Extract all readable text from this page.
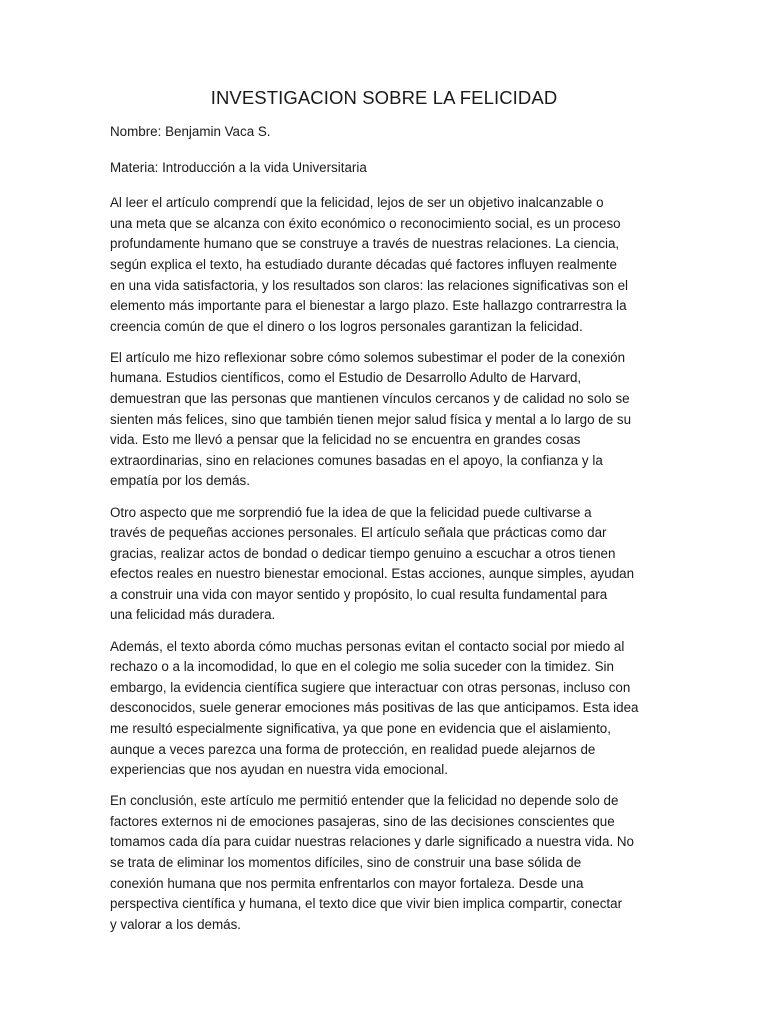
INVESTIGACION SOBRE LA FELICIDAD

Nombre: Benjamin Vaca S.

Materia: Introducción a la vida Universitaria

Al leer el artículo comprendí que la felicidad, lejos de ser un objetivo inalcanzable o
una meta que se alcanza con éxito económico o reconocimiento social, es un proceso
profundamente humano que se construye a través de nuestras relaciones. La ciencia,
según explica el texto, ha estudiado durante décadas qué factores influyen realmente
en una vida satisfactoria, y los resultados son claros: las relaciones significativas son el
elemento más importante para el bienestar a largo plazo. Este hallazgo contrarrestra la
creencia común de que el dinero o los logros personales garantizan la felicidad.

El artículo me hizo reflexionar sobre cómo solemos subestimar el poder de la conexión
humana. Estudios científicos, como el Estudio de Desarrollo Adulto de Harvard,
demuestran que las personas que mantienen vínculos cercanos y de calidad no solo se
sienten más felices, sino que también tienen mejor salud física y mental a lo largo de su
vida. Esto me llevó a pensar que la felicidad no se encuentra en grandes cosas
extraordinarias, sino en relaciones comunes basadas en el apoyo, la confianza y la
empatía por los demás.

Otro aspecto que me sorprendió fue la idea de que la felicidad puede cultivarse a
través de pequeñas acciones personales. El artículo señala que prácticas como dar
gracias, realizar actos de bondad o dedicar tiempo genuino a escuchar a otros tienen
efectos reales en nuestro bienestar emocional. Estas acciones, aunque simples, ayudan
a construir una vida con mayor sentido y propósito, lo cual resulta fundamental para
una felicidad más duradera.

Además, el texto aborda cómo muchas personas evitan el contacto social por miedo al
rechazo o a la incomodidad, lo que en el colegio me solia suceder con la timidez. Sin
embargo, la evidencia científica sugiere que interactuar con otras personas, incluso con
desconocidos, suele generar emociones más positivas de las que anticipamos. Esta idea
me resultó especialmente significativa, ya que pone en evidencia que el aislamiento,
aunque a veces parezca una forma de protección, en realidad puede alejarnos de
experiencias que nos ayudan en nuestra vida emocional.

En conclusión, este artículo me permitió entender que la felicidad no depende solo de
factores externos ni de emociones pasajeras, sino de las decisiones conscientes que
tomamos cada día para cuidar nuestras relaciones y darle significado a nuestra vida. No
se trata de eliminar los momentos difíciles, sino de construir una base sólida de
conexión humana que nos permita enfrentarlos con mayor fortaleza. Desde una
perspectiva científica y humana, el texto dice que vivir bien implica compartir, conectar
y valorar a los demás.
